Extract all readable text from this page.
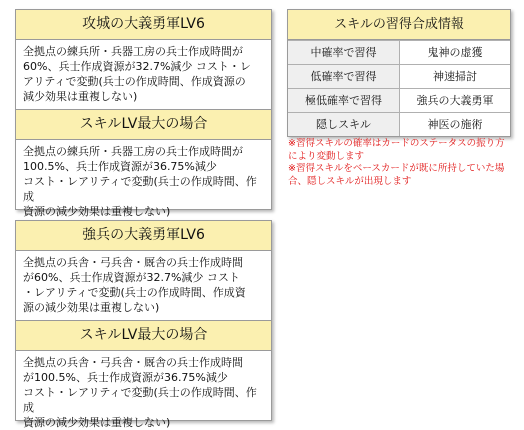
攻城の大義勇軍LV6
全拠点の練兵所・兵器工房の兵士作成時間が
60%、兵士作成資源が32.7%減少 コスト・レ
アリティで変動(兵士の作成時間、作成資源の
減少効果は重複しない)
スキルLV最大の場合
全拠点の練兵所・兵器工房の兵士作成時間が
100.5%、兵士作成資源が36.75%減少
コスト・レアリティで変動(兵士の作成時間、作成
資源の減少効果は重複しない)
強兵の大義勇軍LV6
全拠点の兵舎・弓兵舎・厩舎の兵士作成時間
が60%、兵士作成資源が32.7%減少 コスト
・レアリティで変動(兵士の作成時間、作成資
源の減少効果は重複しない)
スキルLV最大の場合
全拠点の兵舎・弓兵舎・厩舎の兵士作成時間
が100.5%、兵士作成資源が36.75%減少
コスト・レアリティで変動(兵士の作成時間、作成
資源の減少効果は重複しない)
スキルの習得合成情報
中確率で習得	鬼神の虚獲
低確率で習得	神速掃討
極低確率で習得	強兵の大義勇軍
隠しスキル	神医の施術
※習得スキルの確率はカードのステータスの振り方により変動します
※習得スキルをベースカードが既に所持していた場合、隠しスキルが出現します
